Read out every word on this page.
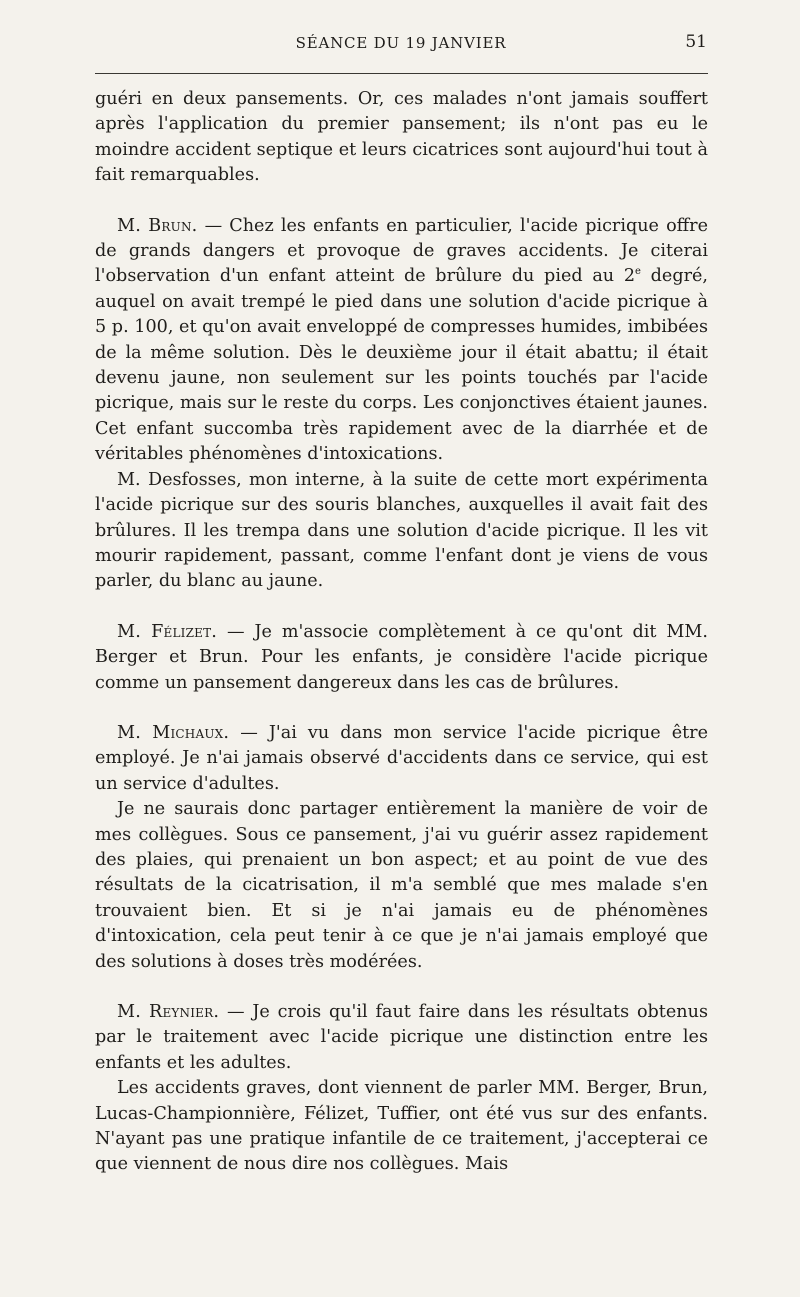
SÉANCE DU 19 JANVIER	51

guéri en deux pansements. Or, ces malades n'ont jamais souffert après l'application du premier pansement; ils n'ont pas eu le moindre accident septique et leurs cicatrices sont aujourd'hui tout à fait remarquables.

M. Brun. — Chez les enfants en particulier, l'acide picrique offre de grands dangers et provoque de graves accidents. Je citerai l'observation d'un enfant atteint de brûlure du pied au 2e degré, auquel on avait trempé le pied dans une solution d'acide picrique à 5 p. 100, et qu'on avait enveloppé de compresses humides, imbibées de la même solution. Dès le deuxième jour il était abattu; il était devenu jaune, non seulement sur les points touchés par l'acide picrique, mais sur le reste du corps. Les conjonctives étaient jaunes. Cet enfant succomba très rapidement avec de la diarrhée et de véritables phénomènes d'intoxications.

M. Desfosses, mon interne, à la suite de cette mort expérimenta l'acide picrique sur des souris blanches, auxquelles il avait fait des brûlures. Il les trempa dans une solution d'acide picrique. Il les vit mourir rapidement, passant, comme l'enfant dont je viens de vous parler, du blanc au jaune.

M. Félizet. — Je m'associe complètement à ce qu'ont dit MM. Berger et Brun. Pour les enfants, je considère l'acide picrique comme un pansement dangereux dans les cas de brûlures.

M. Michaux. — J'ai vu dans mon service l'acide picrique être employé. Je n'ai jamais observé d'accidents dans ce service, qui est un service d'adultes.

Je ne saurais donc partager entièrement la manière de voir de mes collègues. Sous ce pansement, j'ai vu guérir assez rapidement des plaies, qui prenaient un bon aspect; et au point de vue des résultats de la cicatrisation, il m'a semblé que mes malade s'en trouvaient bien. Et si je n'ai jamais eu de phénomènes d'intoxication, cela peut tenir à ce que je n'ai jamais employé que des solutions à doses très modérées.

M. Reynier. — Je crois qu'il faut faire dans les résultats obtenus par le traitement avec l'acide picrique une distinction entre les enfants et les adultes.

Les accidents graves, dont viennent de parler MM. Berger, Brun, Lucas-Championnière, Félizet, Tuffier, ont été vus sur des enfants. N'ayant pas une pratique infantile de ce traitement, j'accepterai ce que viennent de nous dire nos collègues. Mais
